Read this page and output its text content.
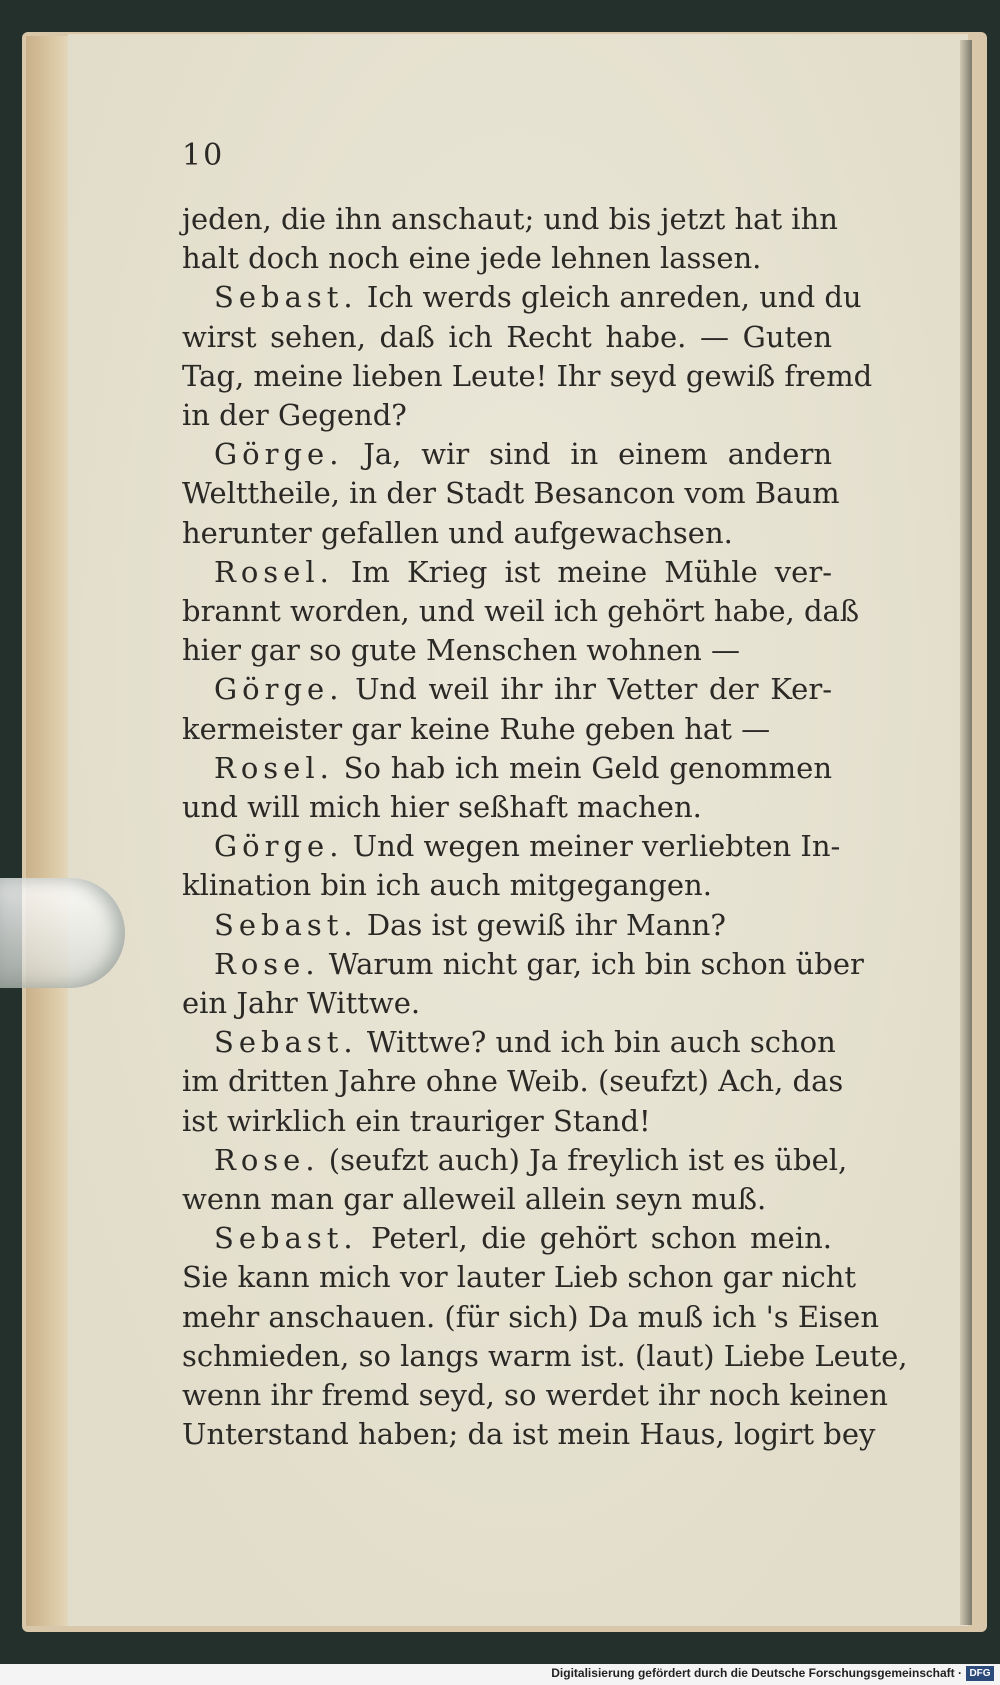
10
jeden, die ihn anschaut; und bis jetzt hat ihn
halt doch noch eine jede lehnen lassen.
Sebast. Ich werds gleich anreden, und du
wirst sehen, daß ich Recht habe. — Guten
Tag, meine lieben Leute! Ihr seyd gewiß fremd
in der Gegend?
Görge. Ja, wir sind in einem andern
Welttheile, in der Stadt Besancon vom Baum
herunter gefallen und aufgewachsen.
Rosel. Im Krieg ist meine Mühle ver-
brannt worden, und weil ich gehört habe, daß
hier gar so gute Menschen wohnen —
Görge. Und weil ihr ihr Vetter der Ker-
kermeister gar keine Ruhe geben hat —
Rosel. So hab ich mein Geld genommen
und will mich hier seßhaft machen.
Görge. Und wegen meiner verliebten In-
klination bin ich auch mitgegangen.
Sebast. Das ist gewiß ihr Mann?
Rose. Warum nicht gar, ich bin schon über
ein Jahr Wittwe.
Sebast. Wittwe? und ich bin auch schon
im dritten Jahre ohne Weib. (seufzt) Ach, das
ist wirklich ein trauriger Stand!
Rose. (seufzt auch) Ja freylich ist es übel,
wenn man gar alleweil allein seyn muß.
Sebast. Peterl, die gehört schon mein.
Sie kann mich vor lauter Lieb schon gar nicht
mehr anschauen. (für sich) Da muß ich 's Eisen
schmieden, so langs warm ist. (laut) Liebe Leute,
wenn ihr fremd seyd, so werdet ihr noch keinen
Unterstand haben; da ist mein Haus, logirt bey
Digitalisierung gefördert durch die Deutsche Forschungsgemeinschaft · DFG
